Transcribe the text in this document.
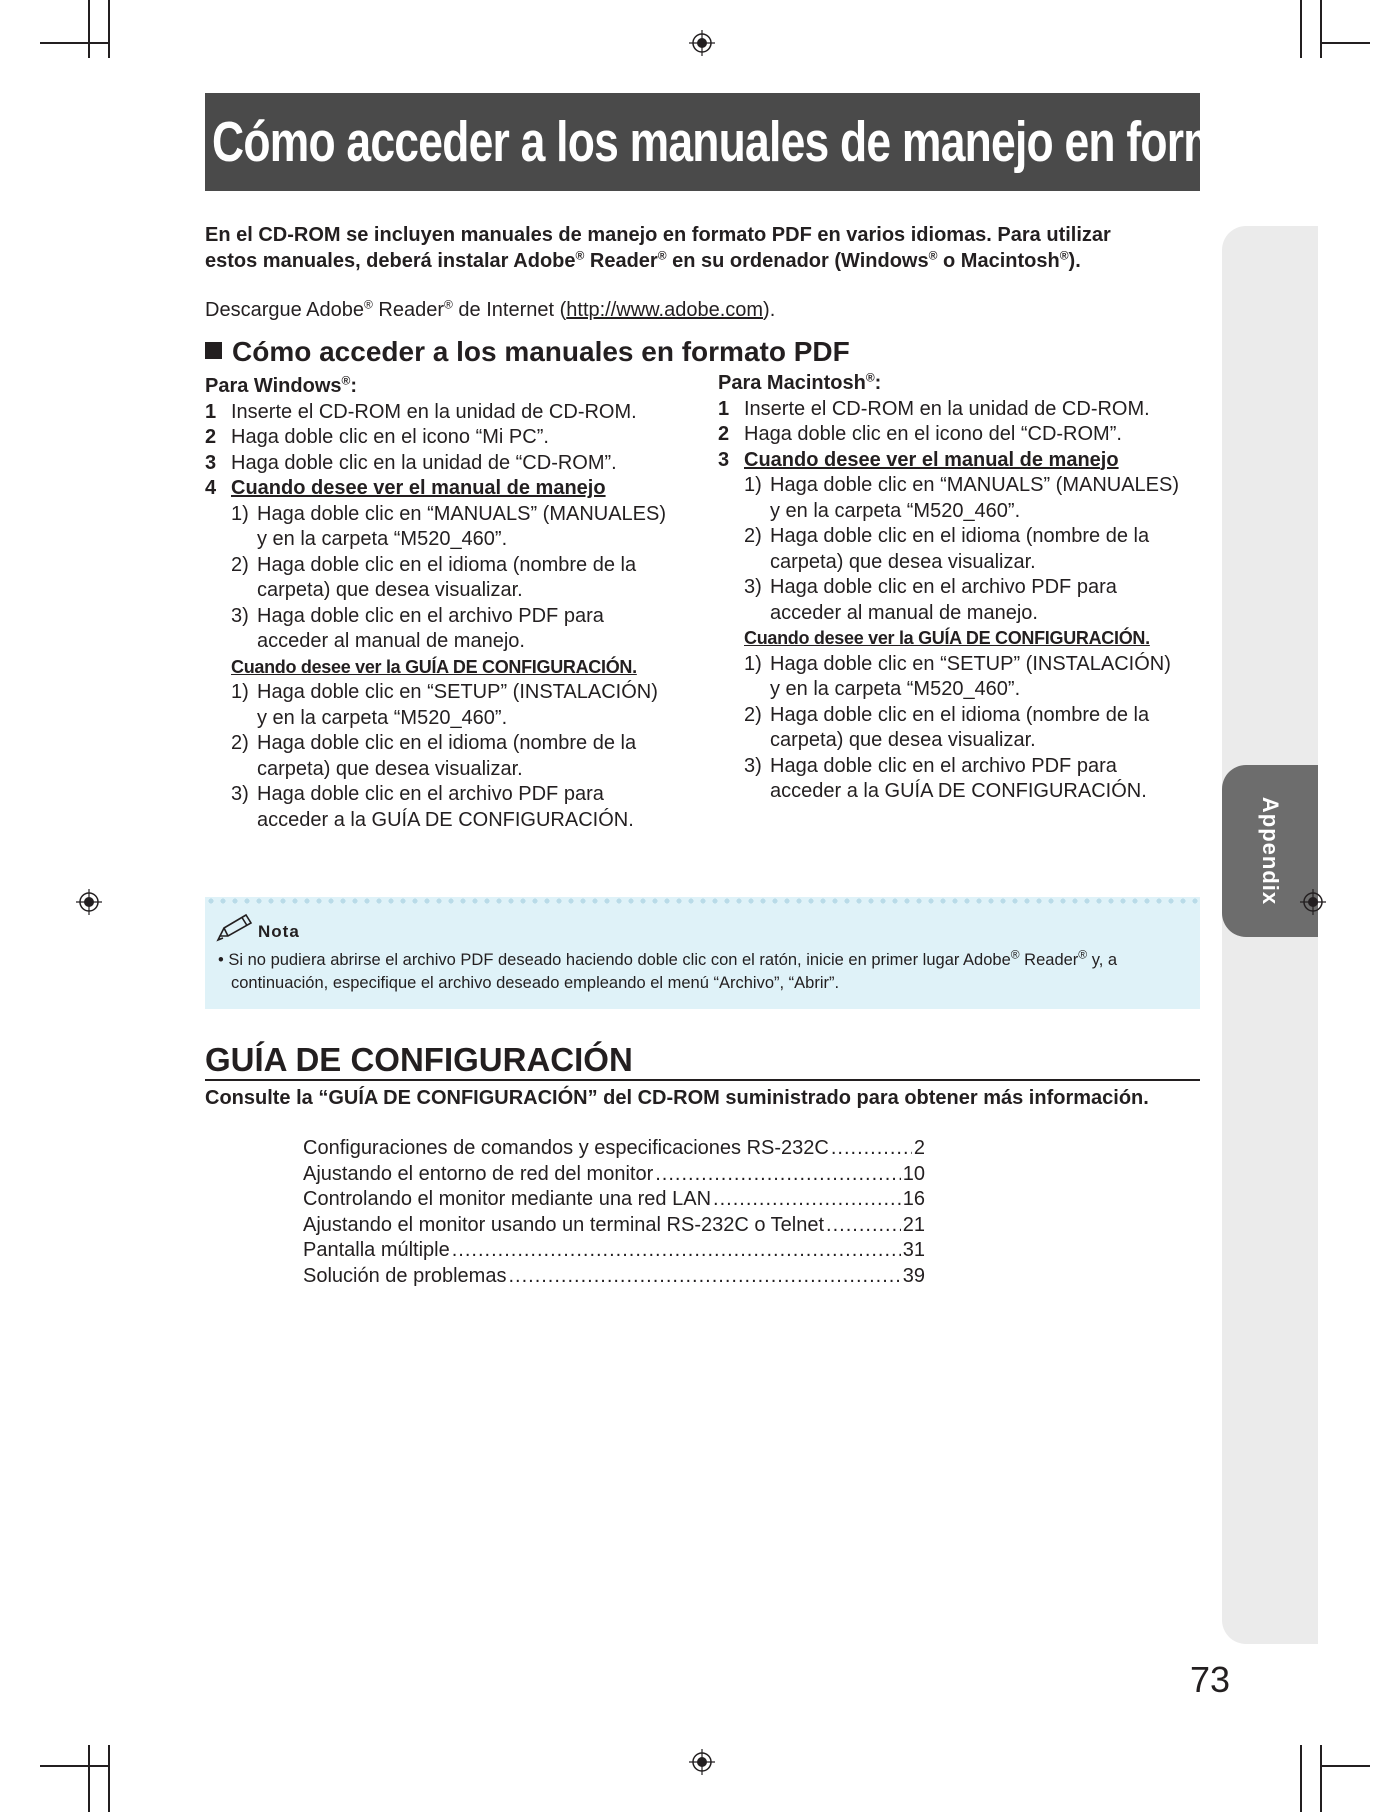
Appendix
Cómo acceder a los manuales de manejo en formato PDF
En el CD-ROM se incluyen manuales de manejo en formato PDF en varios idiomas. Para utilizar
estos manuales, deberá instalar Adobe® Reader® en su ordenador (Windows® o Macintosh®).
Descargue Adobe® Reader® de Internet (http://www.adobe.com).
Cómo acceder a los manuales en formato PDF
Para Windows®:
1 Inserte el CD-ROM en la unidad de CD-ROM.
2 Haga doble clic en el icono “Mi PC”.
3 Haga doble clic en la unidad de “CD-ROM”.
4 Cuando desee ver el manual de manejo
1) Haga doble clic en “MANUALS” (MANUALES)
y en la carpeta “M520_460”.
2) Haga doble clic en el idioma (nombre de la
carpeta) que desea visualizar.
3) Haga doble clic en el archivo PDF para
acceder al manual de manejo.
Cuando desee ver la GUÍA DE CONFIGURACIÓN.
1) Haga doble clic en “SETUP” (INSTALACIÓN)
y en la carpeta “M520_460”.
2) Haga doble clic en el idioma (nombre de la
carpeta) que desea visualizar.
3) Haga doble clic en el archivo PDF para
acceder a la GUÍA DE CONFIGURACIÓN.
Para Macintosh®:
1 Inserte el CD-ROM en la unidad de CD-ROM.
2 Haga doble clic en el icono del “CD-ROM”.
3 Cuando desee ver el manual de manejo
1) Haga doble clic en “MANUALS” (MANUALES)
y en la carpeta “M520_460”.
2) Haga doble clic en el idioma (nombre de la
carpeta) que desea visualizar.
3) Haga doble clic en el archivo PDF para
acceder al manual de manejo.
Cuando desee ver la GUÍA DE CONFIGURACIÓN.
1) Haga doble clic en “SETUP” (INSTALACIÓN)
y en la carpeta “M520_460”.
2) Haga doble clic en el idioma (nombre de la
carpeta) que desea visualizar.
3) Haga doble clic en el archivo PDF para
acceder a la GUÍA DE CONFIGURACIÓN.
Nota
• Si no pudiera abrirse el archivo PDF deseado haciendo doble clic con el ratón, inicie en primer lugar Adobe® Reader® y, a
continuación, especifique el archivo deseado empleando el menú “Archivo”, “Abrir”.
GUÍA DE CONFIGURACIÓN
Consulte la “GUÍA DE CONFIGURACIÓN” del CD-ROM suministrado para obtener más información.
Configuraciones de comandos y especificaciones RS-232C .....	2
Ajustando el entorno de red del monitor .....	10
Controlando el monitor mediante una red LAN .....	16
Ajustando el monitor usando un terminal RS-232C o Telnet .....	21
Pantalla múltiple .....	31
Solución de problemas .....	39
73
